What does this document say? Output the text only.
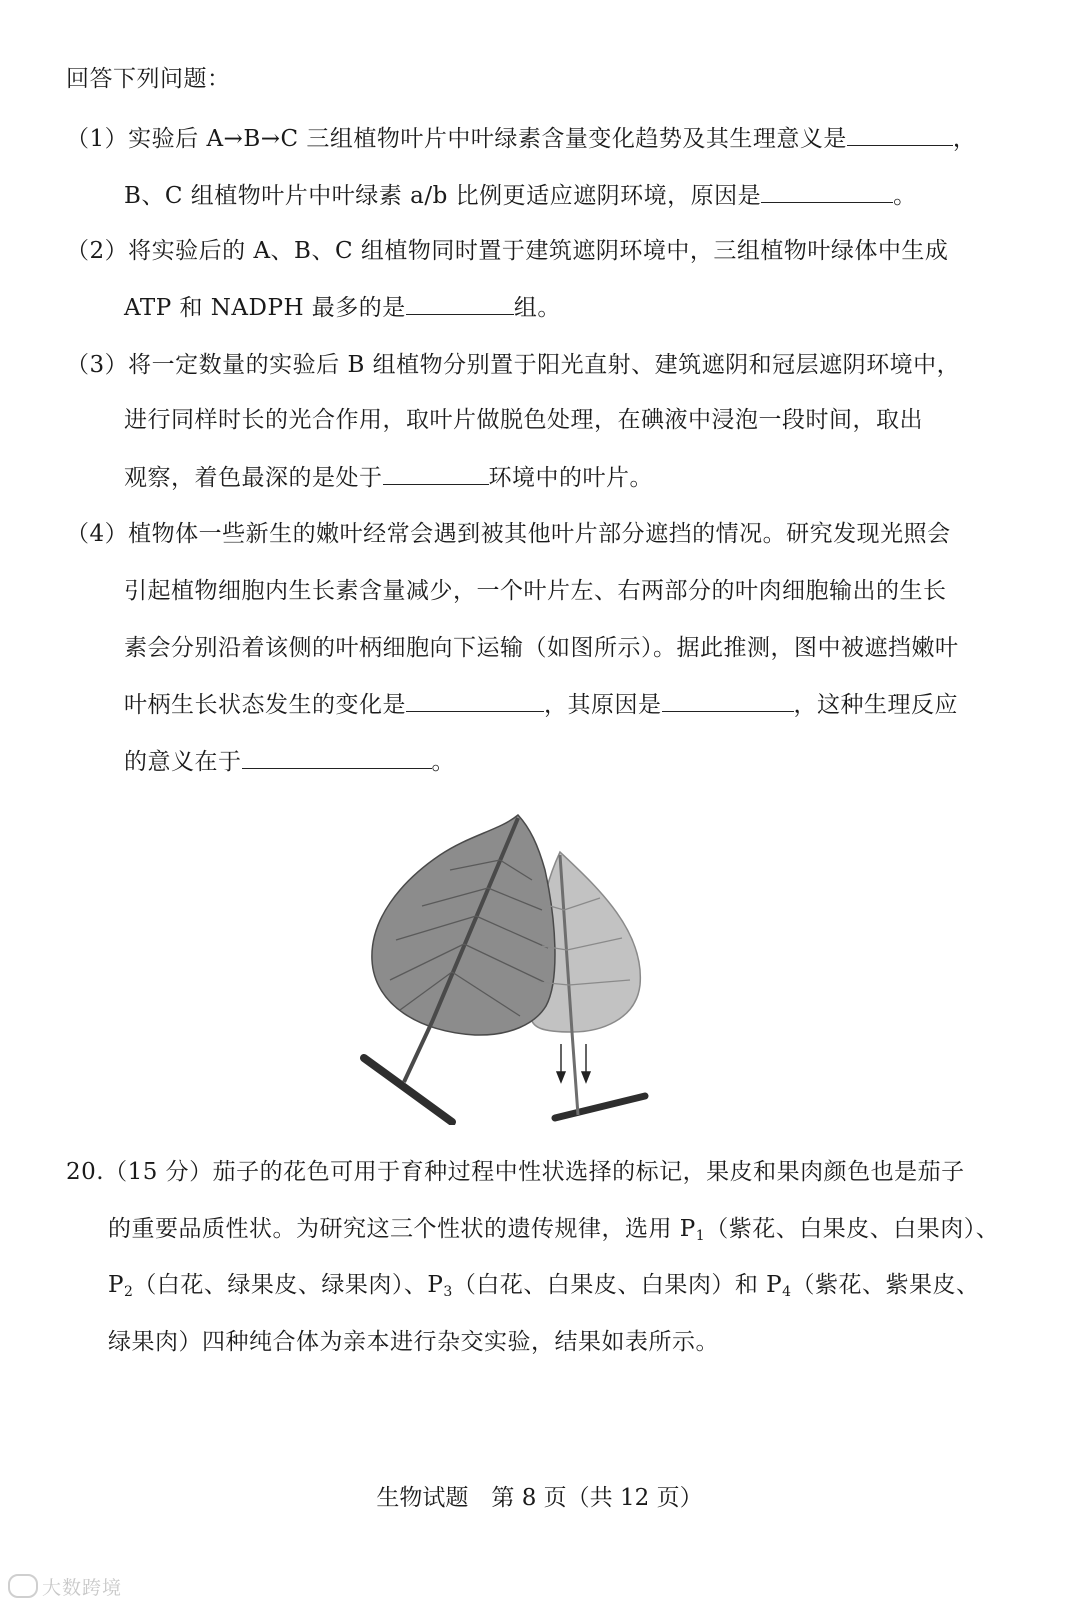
回答下列问题：
（1）实验后 A→B→C 三组植物叶片中叶绿素含量变化趋势及其生理意义是	，
B、C 组植物叶片中叶绿素 a/b 比例更适应遮阴环境，原因是	。
（2）将实验后的 A、B、C 组植物同时置于建筑遮阴环境中，三组植物叶绿体中生成
ATP 和 NADPH 最多的是	组。
（3）将一定数量的实验后 B 组植物分别置于阳光直射、建筑遮阴和冠层遮阴环境中，
进行同样时长的光合作用，取叶片做脱色处理，在碘液中浸泡一段时间，取出
观察，着色最深的是处于	环境中的叶片。
（4）植物体一些新生的嫩叶经常会遇到被其他叶片部分遮挡的情况。研究发现光照会
引起植物细胞内生长素含量减少，一个叶片左、右两部分的叶肉细胞输出的生长
素会分别沿着该侧的叶柄细胞向下运输（如图所示）。据此推测，图中被遮挡嫩叶
叶柄生长状态发生的变化是	，其原因是	，这种生理反应
的意义在于	。
20.（15 分）茄子的花色可用于育种过程中性状选择的标记，果皮和果肉颜色也是茄子
的重要品质性状。为研究这三个性状的遗传规律，选用 $P_1$（紫花、白果皮、白果肉）、
$P_2$（白花、绿果皮、绿果肉）、$P_3$（白花、白果皮、白果肉）和 $P_4$（紫花、紫果皮、
绿果肉）四种纯合体为亲本进行杂交实验，结果如表所示。
生物试题　第 8 页（共 12 页）
大数跨境
